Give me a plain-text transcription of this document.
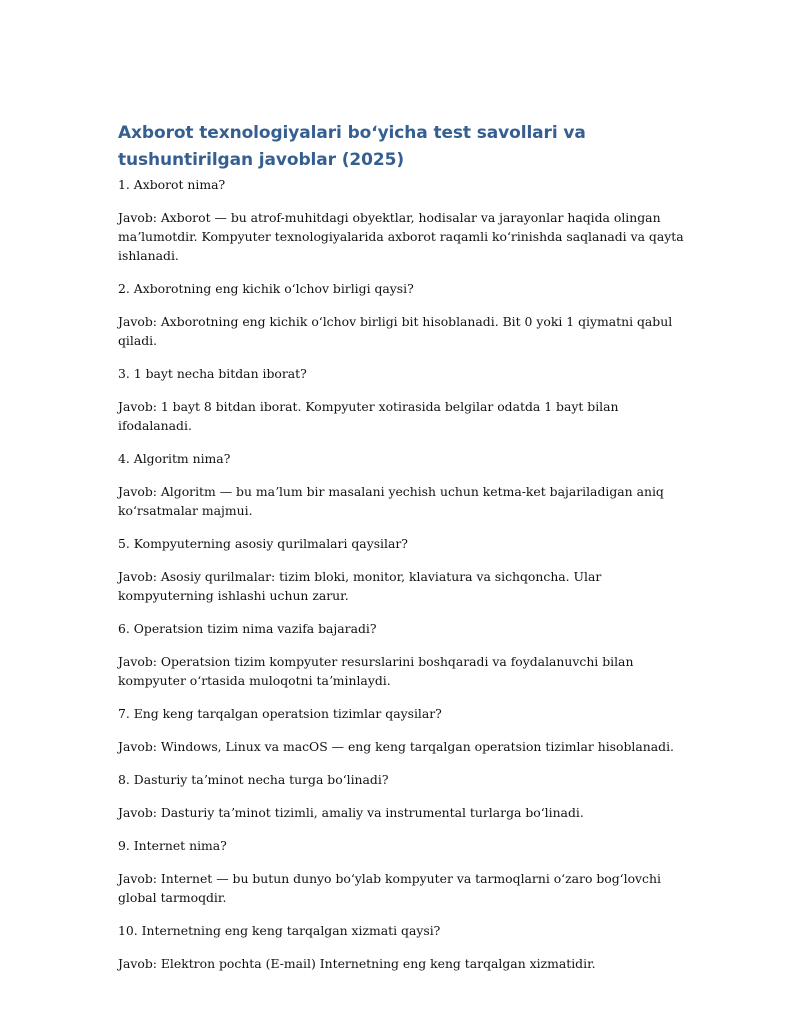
Axborot texnologiyalari boʻyicha test savollari va tushuntirilgan javoblar (2025)

1. Axborot nima?

Javob: Axborot — bu atrof-muhitdagi obyektlar, hodisalar va jarayonlar haqida olingan maʼlumotdir. Kompyuter texnologiyalarida axborot raqamli koʻrinishda saqlanadi va qayta ishlanadi.

2. Axborotning eng kichik oʻlchov birligi qaysi?

Javob: Axborotning eng kichik oʻlchov birligi bit hisoblanadi. Bit 0 yoki 1 qiymatni qabul qiladi.

3. 1 bayt necha bitdan iborat?

Javob: 1 bayt 8 bitdan iborat. Kompyuter xotirasida belgilar odatda 1 bayt bilan ifodalanadi.

4. Algoritm nima?

Javob: Algoritm — bu maʼlum bir masalani yechish uchun ketma-ket bajariladigan aniq koʻrsatmalar majmui.

5. Kompyuterning asosiy qurilmalari qaysilar?

Javob: Asosiy qurilmalar: tizim bloki, monitor, klaviatura va sichqoncha. Ular kompyuterning ishlashi uchun zarur.

6. Operatsion tizim nima vazifa bajaradi?

Javob: Operatsion tizim kompyuter resurslarini boshqaradi va foydalanuvchi bilan kompyuter oʻrtasida muloqotni taʼminlaydi.

7. Eng keng tarqalgan operatsion tizimlar qaysilar?

Javob: Windows, Linux va macOS — eng keng tarqalgan operatsion tizimlar hisoblanadi.

8. Dasturiy taʼminot necha turga boʻlinadi?

Javob: Dasturiy taʼminot tizimli, amaliy va instrumental turlarga boʻlinadi.

9. Internet nima?

Javob: Internet — bu butun dunyo boʻylab kompyuter va tarmoqlarni oʻzaro bogʻlovchi global tarmoqdir.

10. Internetning eng keng tarqalgan xizmati qaysi?

Javob: Elektron pochta (E-mail) Internetning eng keng tarqalgan xizmatidir.
